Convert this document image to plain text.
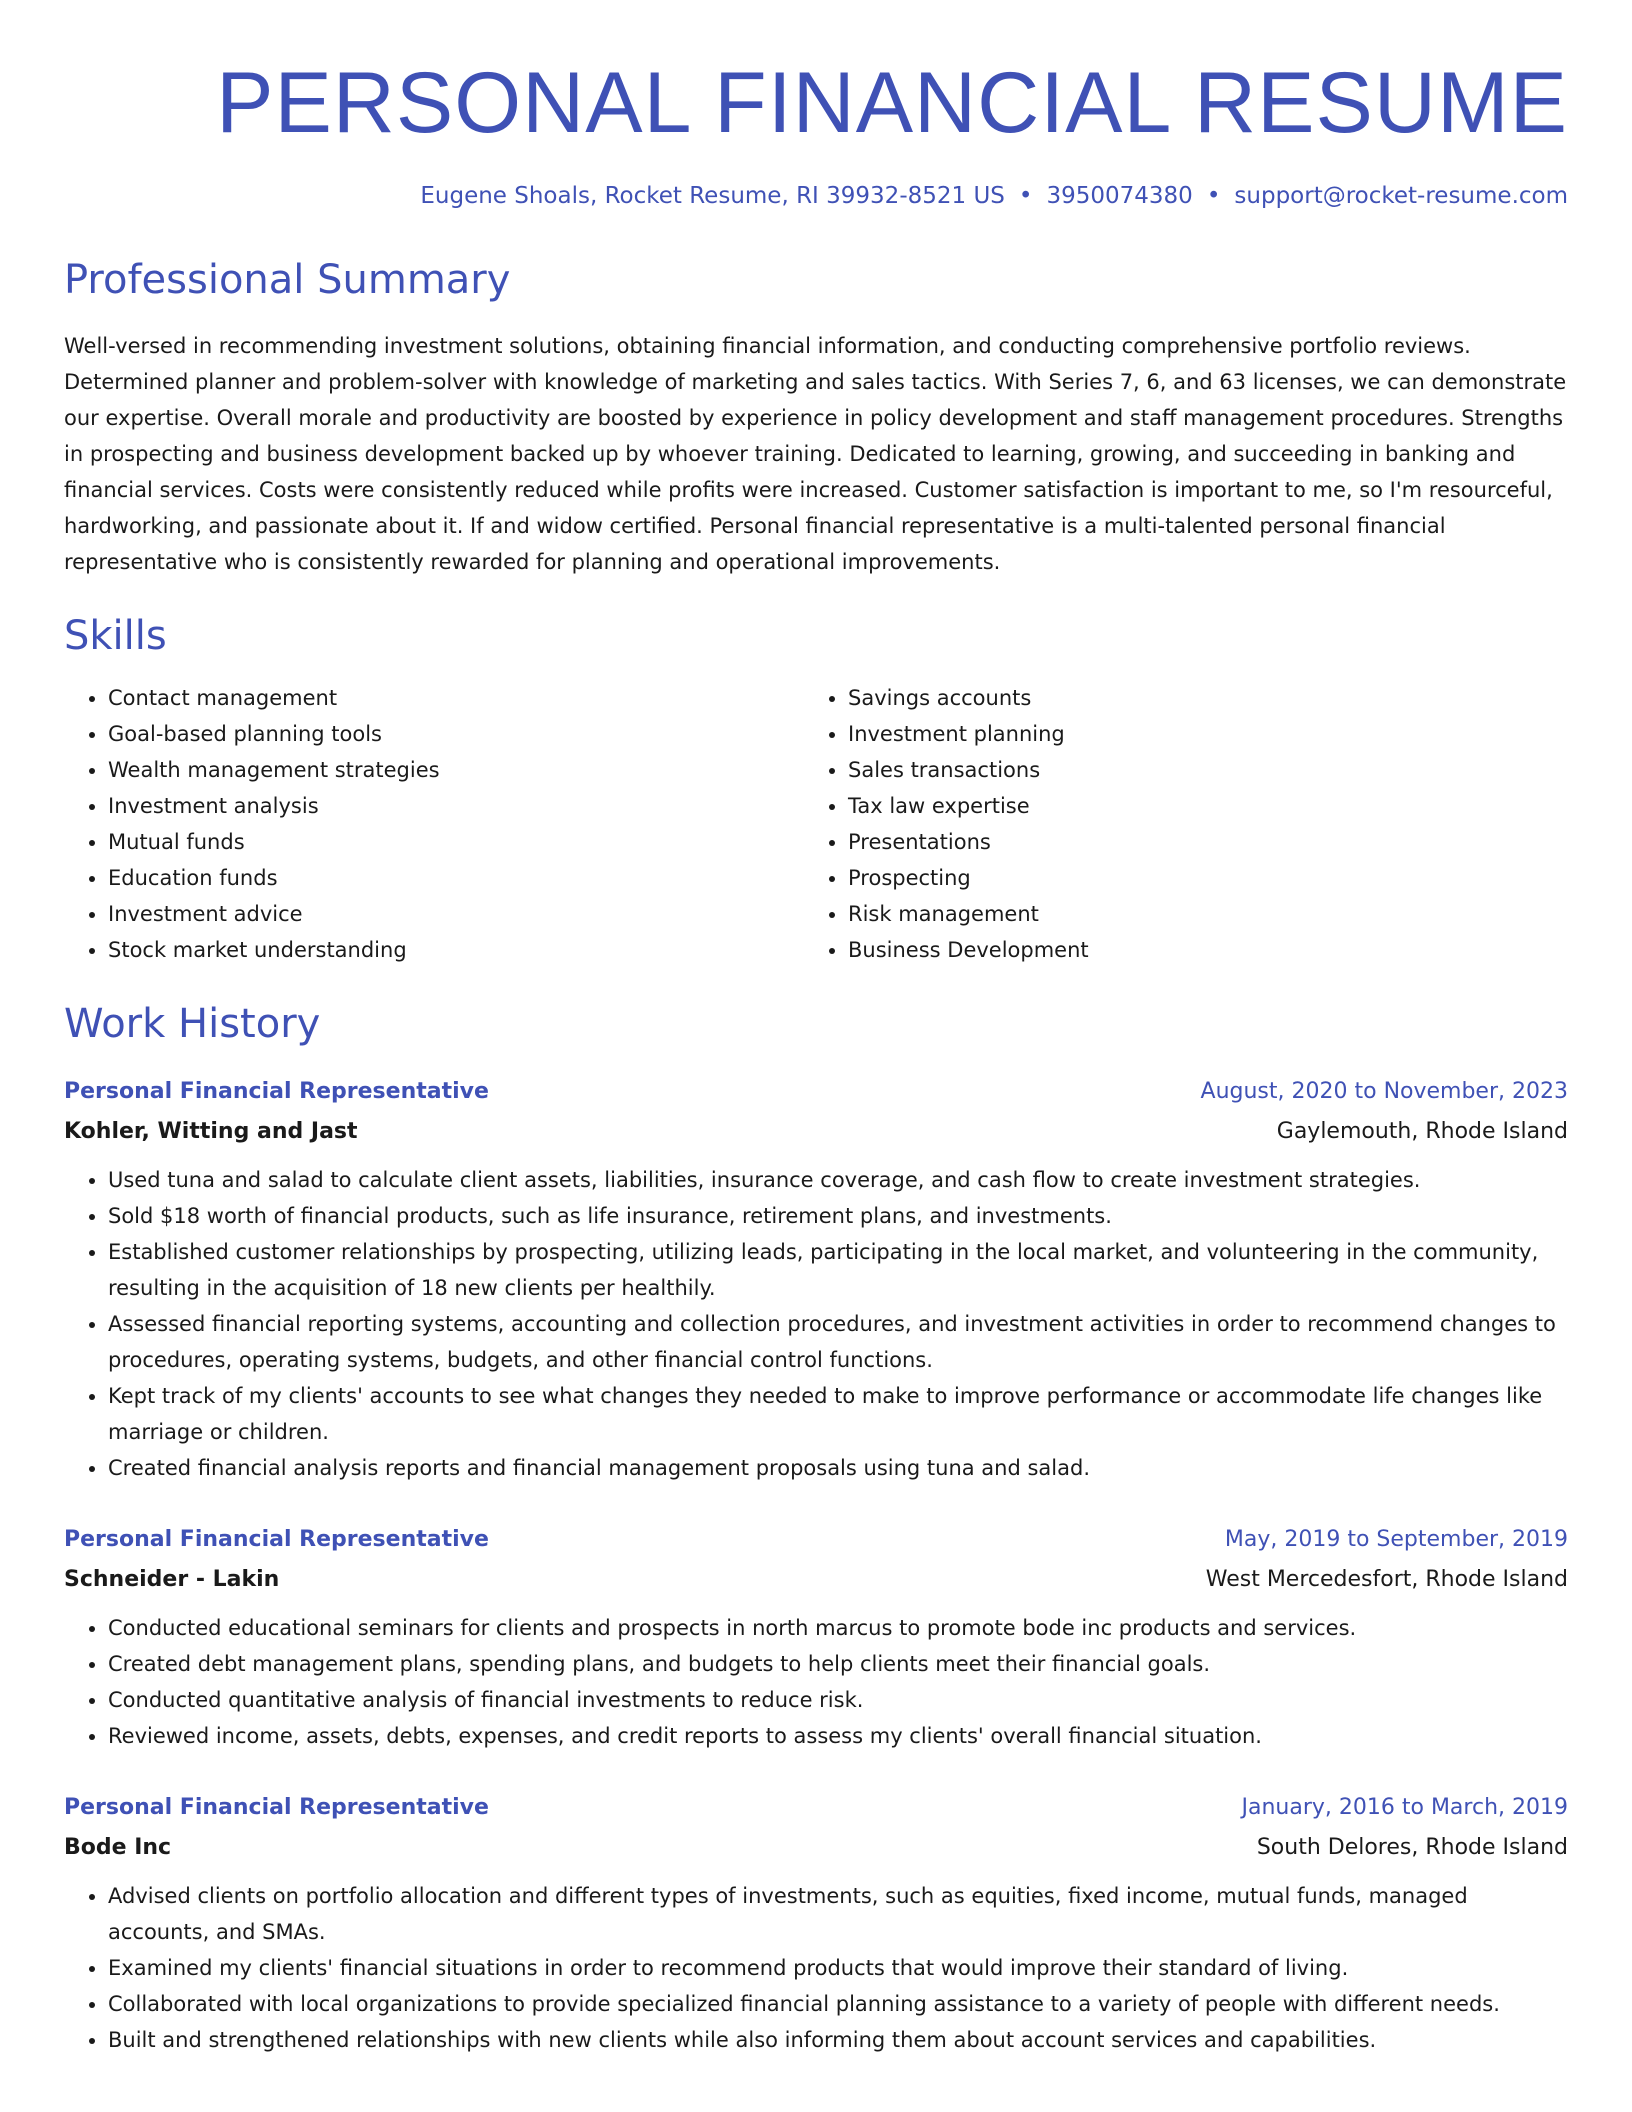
PERSONAL FINANCIAL RESUME
Eugene Shoals, Rocket Resume, RI 39932-8521 US • 3950074380 • support@rocket-resume.com
Professional Summary

Well-versed in recommending investment solutions, obtaining financial information, and conducting comprehensive portfolio reviews. Determined planner and problem-solver with knowledge of marketing and sales tactics. With Series 7, 6, and 63 licenses, we can demonstrate our expertise. Overall morale and productivity are boosted by experience in policy development and staff management procedures. Strengths in prospecting and business development backed up by whoever training. Dedicated to learning, growing, and succeeding in banking and financial services. Costs were consistently reduced while profits were increased. Customer satisfaction is important to me, so I'm resourceful, hardworking, and passionate about it. If and widow certified. Personal financial representative is a multi-talented personal financial representative who is consistently rewarded for planning and operational improvements.

Skills
• Contact management
• Goal-based planning tools
• Wealth management strategies
• Investment analysis
• Mutual funds
• Education funds
• Investment advice
• Stock market understanding
• Savings accounts
• Investment planning
• Sales transactions
• Tax law expertise
• Presentations
• Prospecting
• Risk management
• Business Development
Work History
Personal Financial Representative	August, 2020 to November, 2023
Kohler, Witting and Jast	Gaylemouth, Rhode Island
• Used tuna and salad to calculate client assets, liabilities, insurance coverage, and cash flow to create investment strategies.
• Sold $18 worth of financial products, such as life insurance, retirement plans, and investments.
• Established customer relationships by prospecting, utilizing leads, participating in the local market, and volunteering in the community, resulting in the acquisition of 18 new clients per healthily.
• Assessed financial reporting systems, accounting and collection procedures, and investment activities in order to recommend changes to procedures, operating systems, budgets, and other financial control functions.
• Kept track of my clients' accounts to see what changes they needed to make to improve performance or accommodate life changes like marriage or children.
• Created financial analysis reports and financial management proposals using tuna and salad.
Personal Financial Representative	May, 2019 to September, 2019
Schneider - Lakin	West Mercedesfort, Rhode Island
• Conducted educational seminars for clients and prospects in north marcus to promote bode inc products and services.
• Created debt management plans, spending plans, and budgets to help clients meet their financial goals.
• Conducted quantitative analysis of financial investments to reduce risk.
• Reviewed income, assets, debts, expenses, and credit reports to assess my clients' overall financial situation.
Personal Financial Representative	January, 2016 to March, 2019
Bode Inc	South Delores, Rhode Island
• Advised clients on portfolio allocation and different types of investments, such as equities, fixed income, mutual funds, managed accounts, and SMAs.
• Examined my clients' financial situations in order to recommend products that would improve their standard of living.
• Collaborated with local organizations to provide specialized financial planning assistance to a variety of people with different needs.
• Built and strengthened relationships with new clients while also informing them about account services and capabilities.
